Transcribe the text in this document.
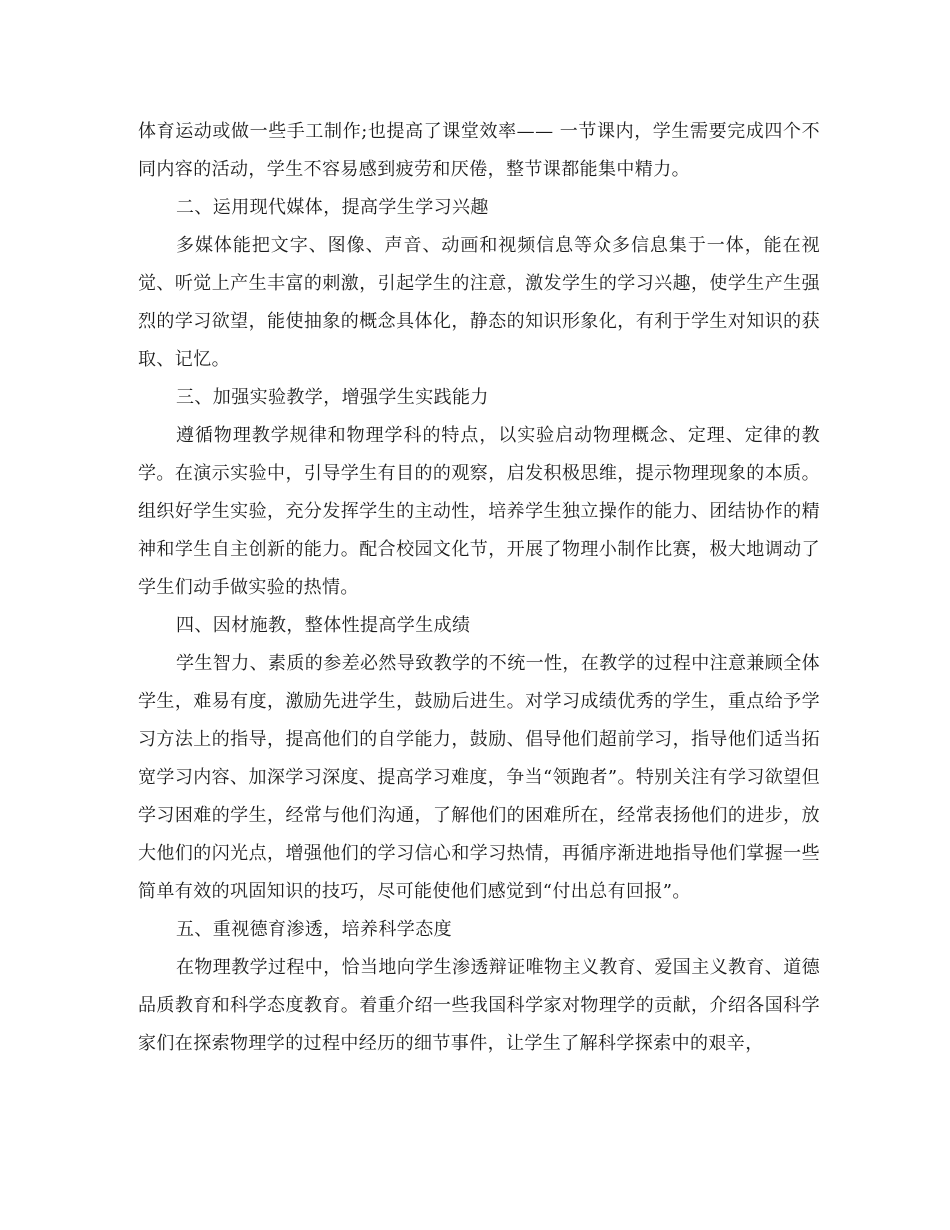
体育运动或做一些手工制作;也提高了课堂效率—— 一节课内，学生需要完成四个不同内容的活动，学生不容易感到疲劳和厌倦，整节课都能集中精力。

二、运用现代媒体，提高学生学习兴趣

多媒体能把文字、图像、声音、动画和视频信息等众多信息集于一体，能在视觉、听觉上产生丰富的刺激，引起学生的注意，激发学生的学习兴趣，使学生产生强烈的学习欲望，能使抽象的概念具体化，静态的知识形象化，有利于学生对知识的获取、记忆。

三、加强实验教学，增强学生实践能力

遵循物理教学规律和物理学科的特点，以实验启动物理概念、定理、定律的教学。在演示实验中，引导学生有目的的观察，启发积极思维，提示物理现象的本质。组织好学生实验，充分发挥学生的主动性，培养学生独立操作的能力、团结协作的精神和学生自主创新的能力。配合校园文化节，开展了物理小制作比赛，极大地调动了学生们动手做实验的热情。

四、因材施教，整体性提高学生成绩

学生智力、素质的参差必然导致教学的不统一性，在教学的过程中注意兼顾全体学生，难易有度，激励先进学生，鼓励后进生。对学习成绩优秀的学生，重点给予学习方法上的指导，提高他们的自学能力，鼓励、倡导他们超前学习，指导他们适当拓宽学习内容、加深学习深度、提高学习难度，争当“领跑者”。特别关注有学习欲望但学习困难的学生，经常与他们沟通，了解他们的困难所在，经常表扬他们的进步，放大他们的闪光点，增强他们的学习信心和学习热情，再循序渐进地指导他们掌握一些简单有效的巩固知识的技巧，尽可能使他们感觉到“付出总有回报”。

五、重视德育渗透，培养科学态度

在物理教学过程中，恰当地向学生渗透辩证唯物主义教育、爱国主义教育、道德品质教育和科学态度教育。着重介绍一些我国科学家对物理学的贡献，介绍各国科学家们在探索物理学的过程中经历的细节事件，让学生了解科学探索中的艰辛，
